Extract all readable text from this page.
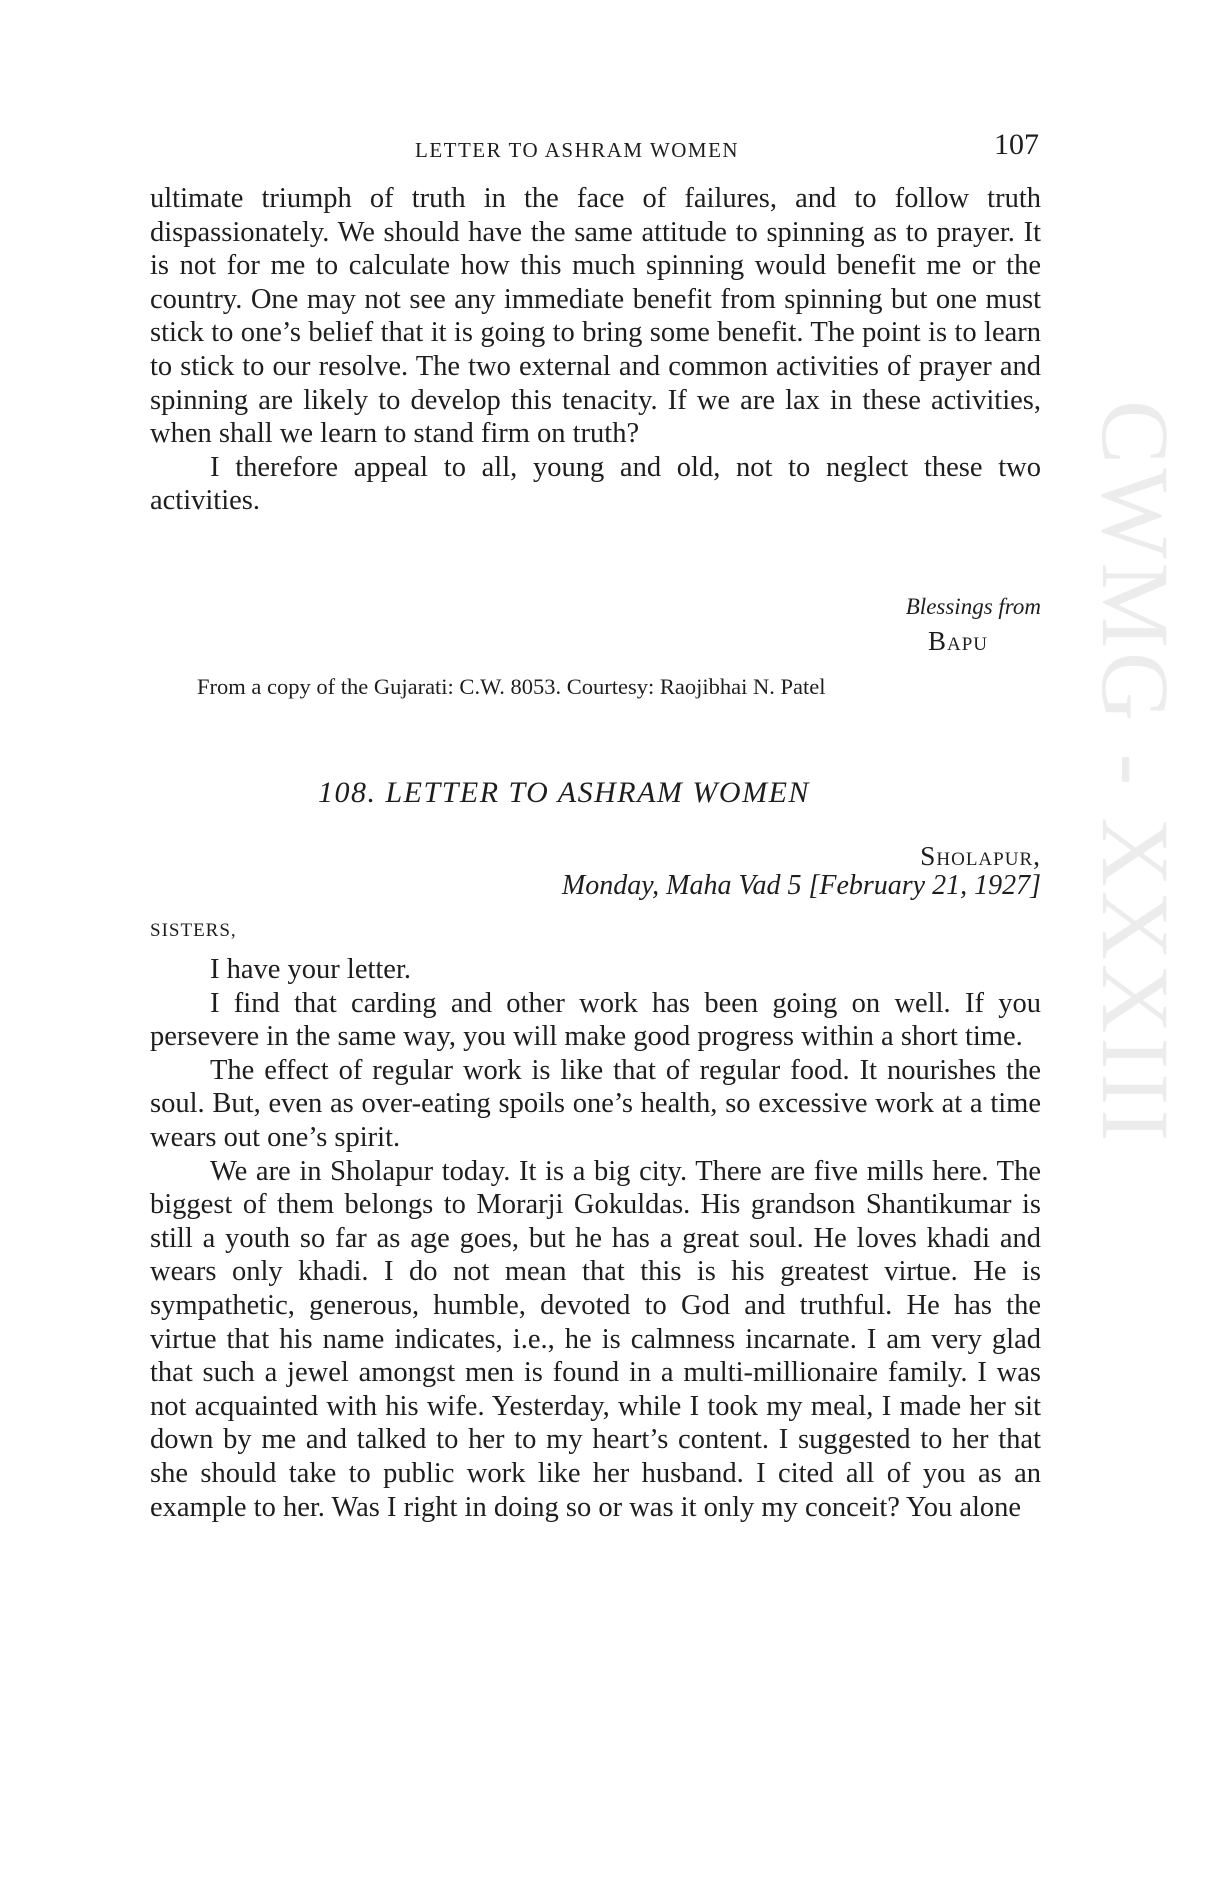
CWMG - XXXIII
LETTER TO ASHRAM WOMEN	107

ultimate triumph of truth in the face of failures, and to follow truth dispassionately. We should have the same attitude to spinning as to prayer. It is not for me to calculate how this much spinning would benefit me or the country. One may not see any immediate benefit from spinning but one must stick to one’s belief that it is going to bring some benefit. The point is to learn to stick to our resolve. The two external and common activities of prayer and spinning are likely to develop this tenacity. If we are lax in these activities, when shall we learn to stand firm on truth?

I therefore appeal to all, young and old, not to neglect these two activities.

Blessings from
Bapu
From a copy of the Gujarati: C.W. 8053. Courtesy: Raojibhai N. Patel
108. LETTER TO ASHRAM WOMEN
Sholapur,
Monday, Maha Vad 5 [February 21, 1927]
SISTERS,

I have your letter.

I find that carding and other work has been going on well. If you persevere in the same way, you will make good progress within a short time.

The effect of regular work is like that of regular food. It nourishes the soul. But, even as over-eating spoils one’s health, so excessive work at a time wears out one’s spirit.

We are in Sholapur today. It is a big city. There are five mills here. The biggest of them belongs to Morarji Gokuldas. His grandson Shantikumar is still a youth so far as age goes, but he has a great soul. He loves khadi and wears only khadi. I do not mean that this is his greatest virtue. He is sympathetic, generous, humble, devoted to God and truthful. He has the virtue that his name indicates, i.e., he is calmness incarnate. I am very glad that such a jewel amongst men is found in a multi-millionaire family. I was not acquainted with his wife. Yesterday, while I took my meal, I made her sit down by me and talked to her to my heart’s content. I suggested to her that she should take to public work like her husband. I cited all of you as an example to her. Was I right in doing so or was it only my conceit? You alone
